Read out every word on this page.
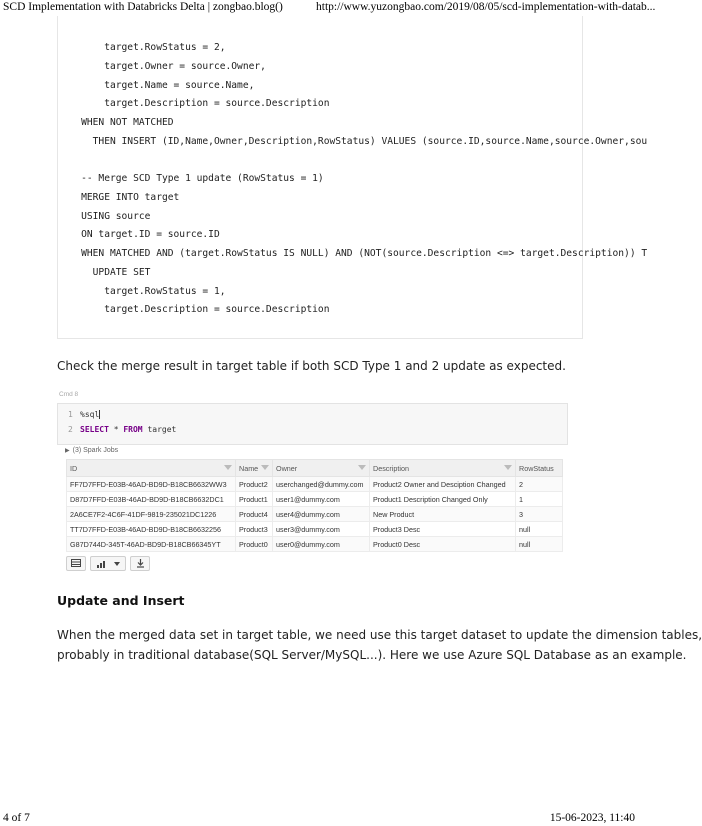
SCD Implementation with Databricks Delta | zongbao.blog()	http://www.yuzongbao.com/2019/08/05/scd-implementation-with-datab...
target.RowStatus = 2,
target.Owner = source.Owner,
target.Name = source.Name,
target.Description = source.Description
WHEN NOT MATCHED
THEN INSERT (ID,Name,Owner,Description,RowStatus) VALUES (source.ID,source.Name,source.Owner,sou
-- Merge SCD Type 1 update (RowStatus = 1)
MERGE INTO target
USING source
ON target.ID = source.ID
WHEN MATCHED AND (target.RowStatus IS NULL) AND (NOT(source.Description <=> target.Description)) T
UPDATE SET
target.RowStatus = 1,
target.Description = source.Description
Check the merge result in target table if both SCD Type 1 and 2 update as expected.
Cmd 8
1 %sql
2 SELECT * FROM target
▶ (3) Spark Jobs
ID	Name	Owner	Description	RowStatus
FF7D7FFD-E03B-46AD-BD9D-B18CB6632WW3	Product2	userchanged@dummy.com	Product2 Owner and Desciption Changed	2
D87D7FFD-E03B-46AD-BD9D-B18CB6632DC1	Product1	user1@dummy.com	Product1 Description Changed Only	1
2A6CE7F2-4C6F-41DF-9819-235021DC1226	Product4	user4@dummy.com	New Product	3
TT7D7FFD-E03B-46AD-BD9D-B18CB6632256	Product3	user3@dummy.com	Product3 Desc	null
G87D744D-345T-46AD-BD9D-B18CB66345YT	Product0	user0@dummy.com	Product0 Desc	null
Update and Insert
When the merged data set in target table, we need use this target dataset to update the dimension tables,
probably in traditional database(SQL Server/MySQL...). Here we use Azure SQL Database as an example.
4 of 7	15-06-2023, 11:40
